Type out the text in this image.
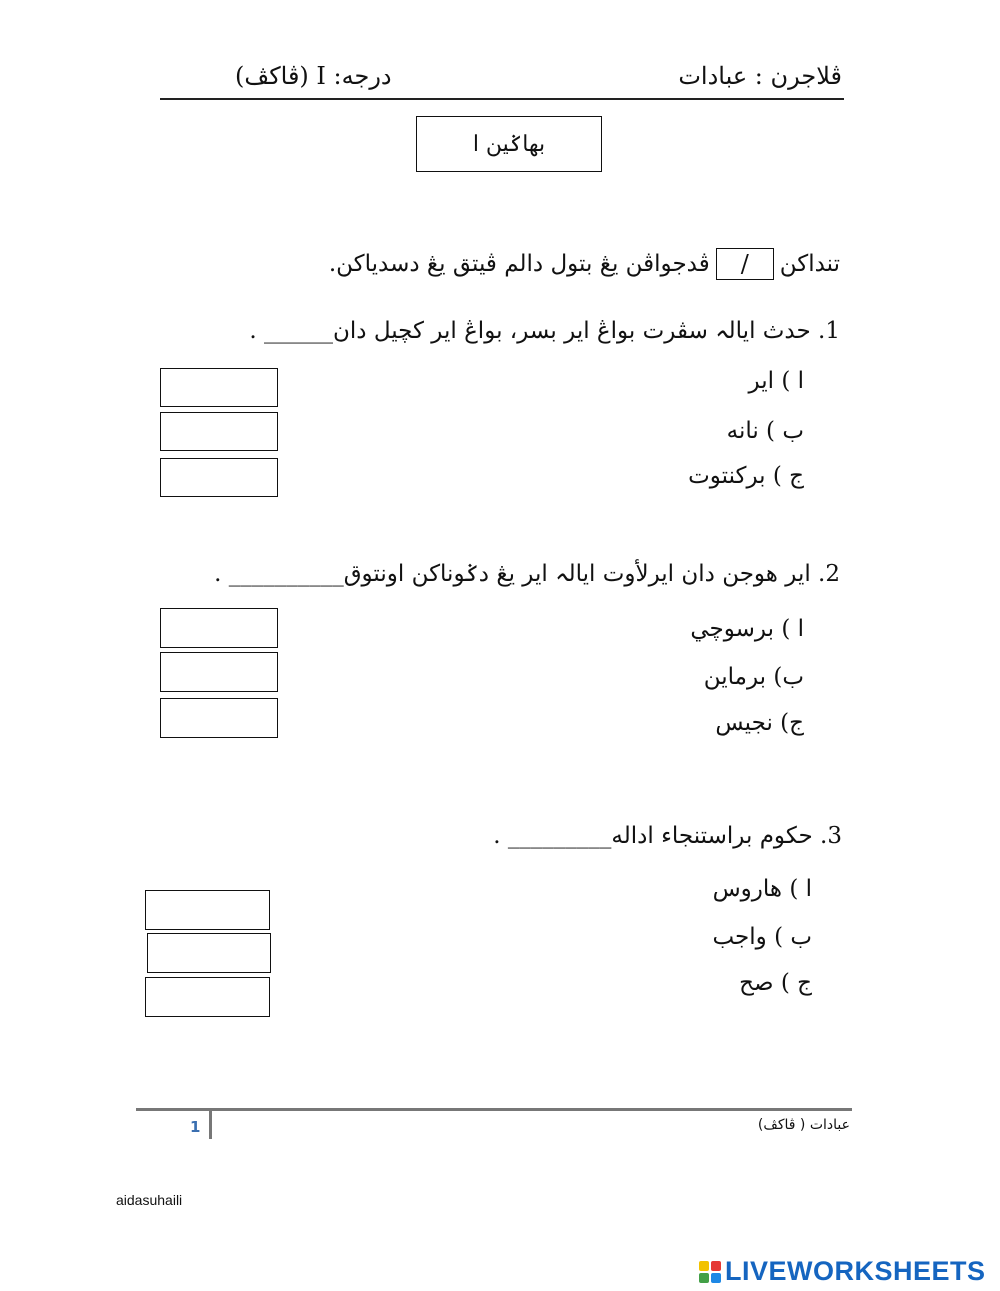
ڤلاجرن : عبادات
درجه: I (ڤاکڤ)
بهاݢين ا
تنداکن
/
ڤدجواڤن يڠ بتول دالم ڤيتق يڠ دسدياکن.
1. حدث ايالہ سڤرت بواڠ اير بسر، بواڠ اير کچيل دان______ .
ا ) اير
ب ) نانه
ج ) برکنتوت
2. اير هوجن دان ايرلأوت ايالہ اير يڠ دݢوناکن اونتوق__________ .
ا ) برسوچي
ب) برماين
ج) نجيس
3. حکوم براستنجاء اداله_________ .
ا ) هاروس
ب ) واجب
ج ) صح
1	عبادات ( ڤاکڤ)
aidasuhaili
LIVEWORKSHEETS
